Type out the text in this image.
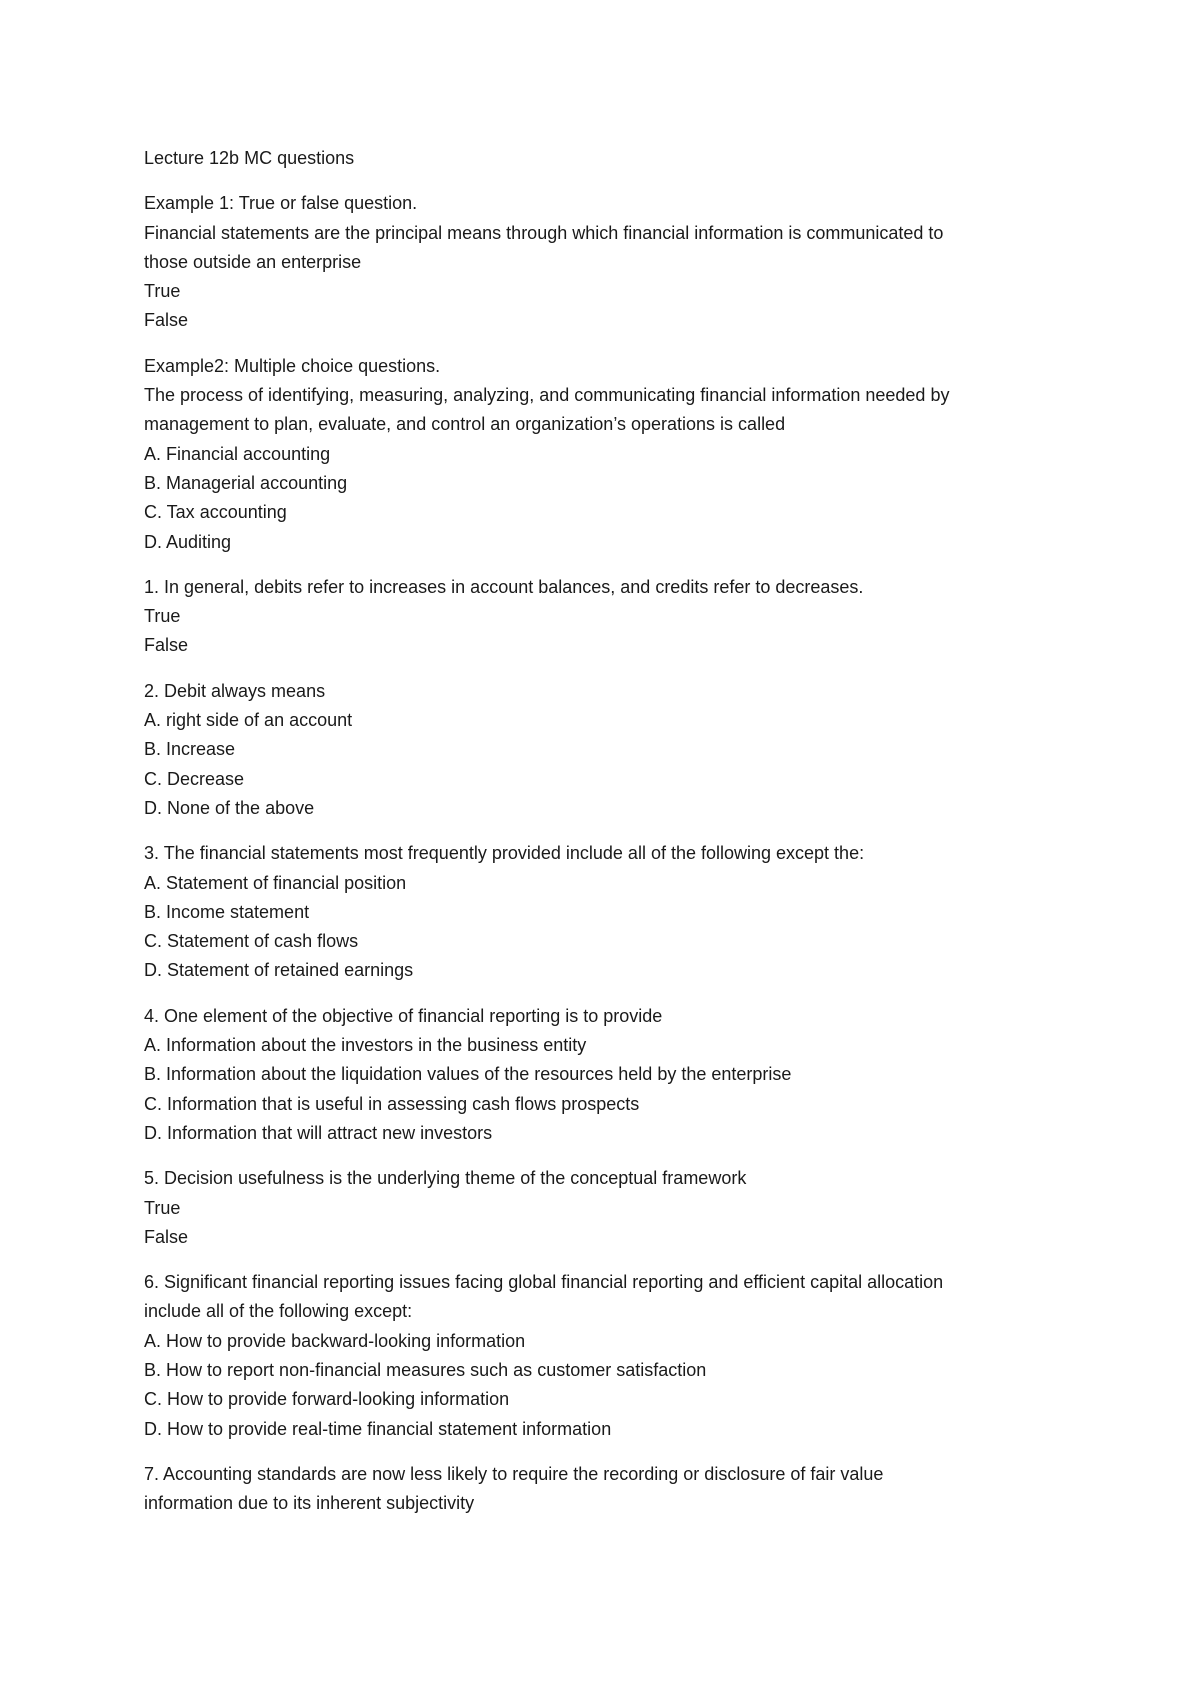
Lecture 12b MC questions
Example 1: True or false question.
Financial statements are the principal means through which financial information is communicated to
those outside an enterprise
True
False
Example2: Multiple choice questions.
The process of identifying, measuring, analyzing, and communicating financial information needed by
management to plan, evaluate, and control an organization’s operations is called
A. Financial accounting
B. Managerial accounting
C. Tax accounting
D. Auditing
1. In general, debits refer to increases in account balances, and credits refer to decreases.
True
False
2. Debit always means
A. right side of an account
B. Increase
C. Decrease
D. None of the above
3. The financial statements most frequently provided include all of the following except the:
A. Statement of financial position
B. Income statement
C. Statement of cash flows
D. Statement of retained earnings
4. One element of the objective of financial reporting is to provide
A. Information about the investors in the business entity
B. Information about the liquidation values of the resources held by the enterprise
C. Information that is useful in assessing cash flows prospects
D. Information that will attract new investors
5. Decision usefulness is the underlying theme of the conceptual framework
True
False
6. Significant financial reporting issues facing global financial reporting and efficient capital allocation
include all of the following except:
A. How to provide backward-looking information
B. How to report non-financial measures such as customer satisfaction
C. How to provide forward-looking information
D. How to provide real-time financial statement information
7. Accounting standards are now less likely to require the recording or disclosure of fair value
information due to its inherent subjectivity
